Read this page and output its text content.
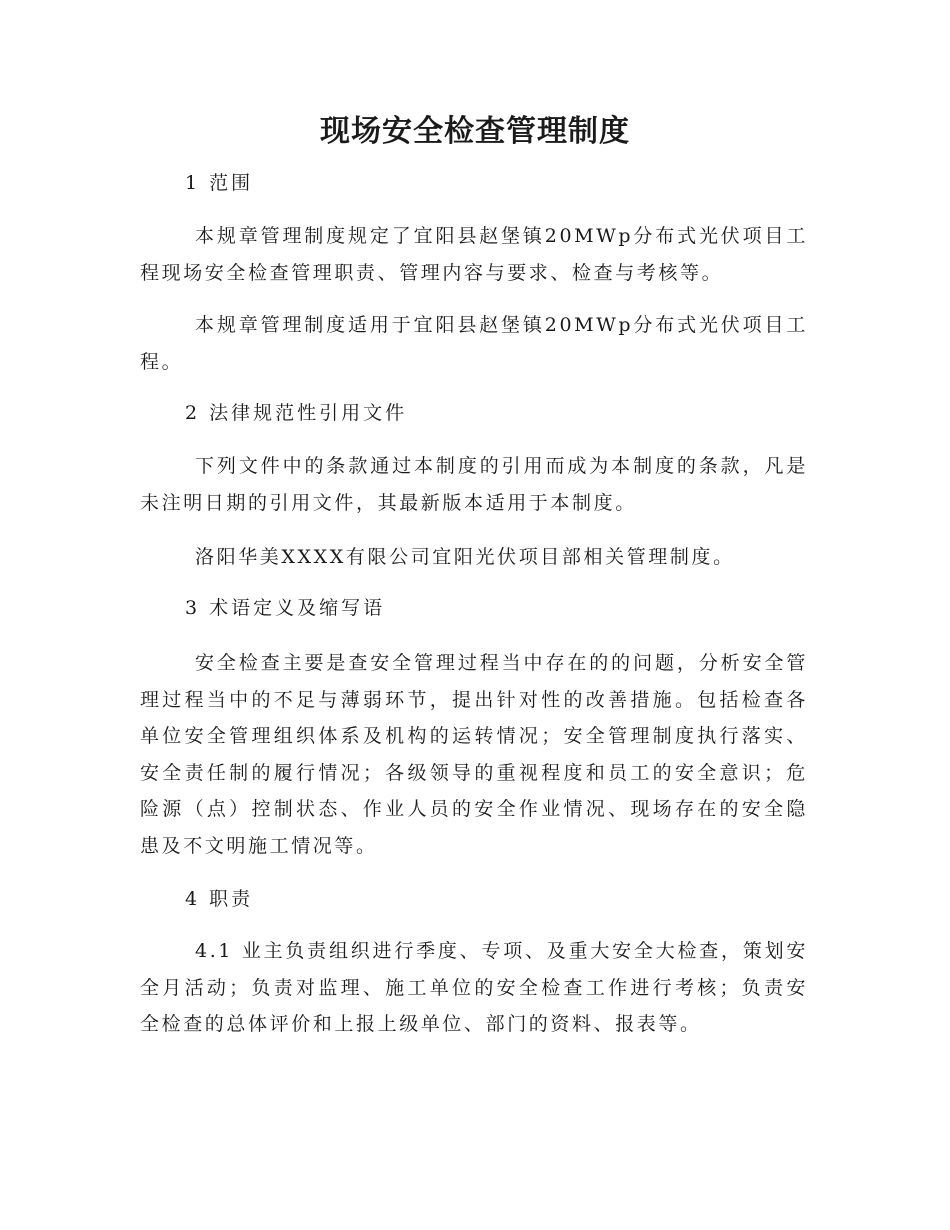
现场安全检查管理制度

1 范围

本规章管理制度规定了宜阳县赵堡镇20MWp分布式光伏项目工程现场安全检查管理职责、管理内容与要求、检查与考核等。

本规章管理制度适用于宜阳县赵堡镇20MWp分布式光伏项目工程。

2 法律规范性引用文件

下列文件中的条款通过本制度的引用而成为本制度的条款，凡是未注明日期的引用文件，其最新版本适用于本制度。

洛阳华美XXXX有限公司宜阳光伏项目部相关管理制度。

3 术语定义及缩写语

安全检查主要是查安全管理过程当中存在的的问题，分析安全管理过程当中的不足与薄弱环节，提出针对性的改善措施。包括检查各单位安全管理组织体系及机构的运转情况；安全管理制度执行落实、安全责任制的履行情况；各级领导的重视程度和员工的安全意识；危险源（点）控制状态、作业人员的安全作业情况、现场存在的安全隐患及不文明施工情况等。

4 职责

4.1 业主负责组织进行季度、专项、及重大安全大检查，策划安全月活动；负责对监理、施工单位的安全检查工作进行考核；负责安全检查的总体评价和上报上级单位、部门的资料、报表等。
